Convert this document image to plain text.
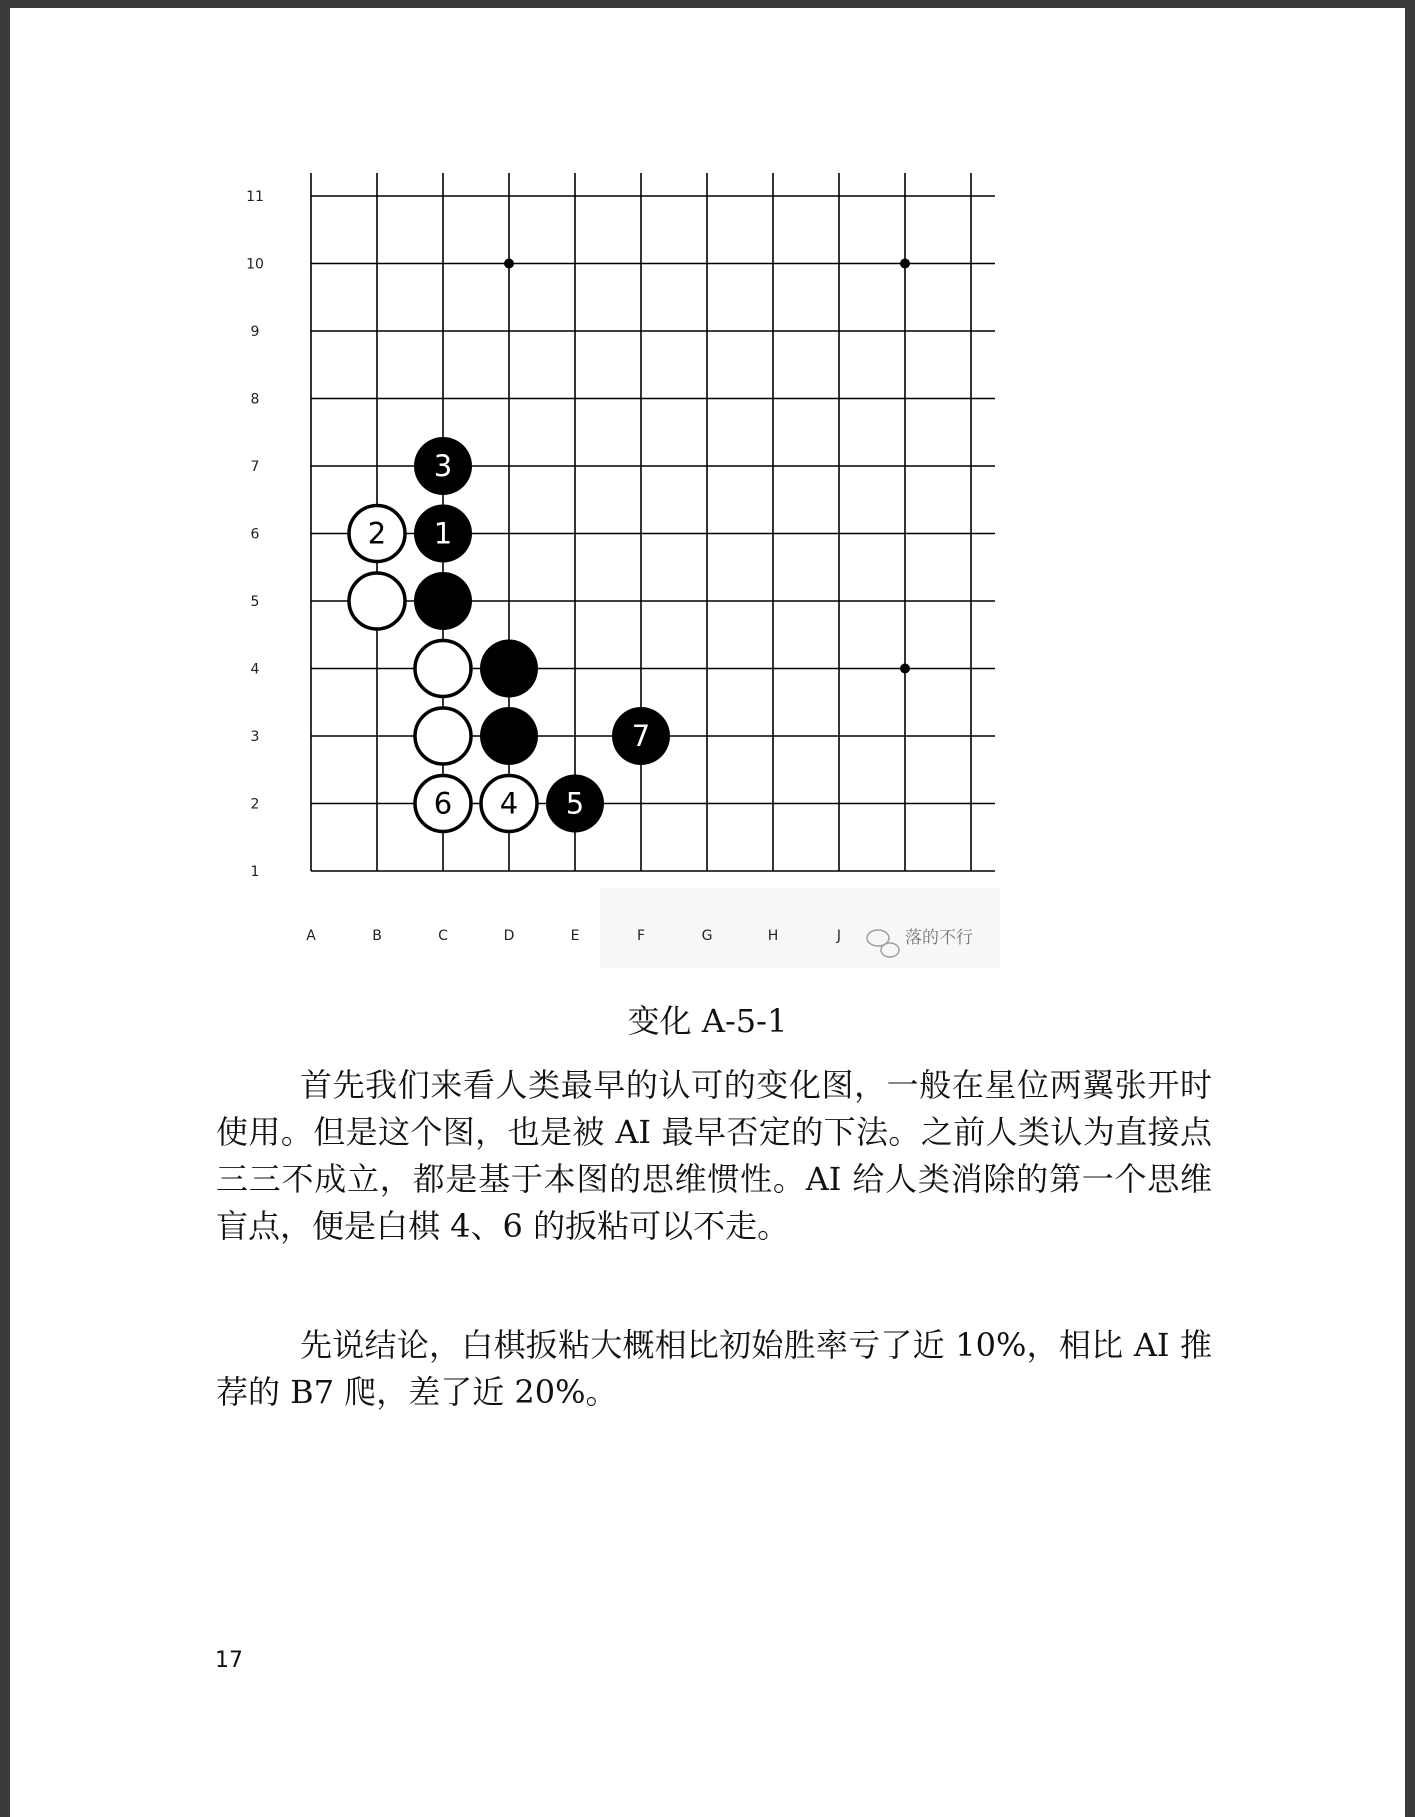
11
10
9
8
7
6
5
4
3
2
1
A	B	C	D	E	F	G	H	J
3
2 1
7
6 4 5
落的不行
变化 A-5-1

首先我们来看人类最早的认可的变化图，一般在星位两翼张开时使用。但是这个图，也是被 AI 最早否定的下法。之前人类认为直接点三三不成立，都是基于本图的思维惯性。AI 给人类消除的第一个思维盲点，便是白棋 4、6 的扳粘可以不走。

先说结论，白棋扳粘大概相比初始胜率亏了近 10%，相比 AI 推荐的 B7 爬，差了近 20%。

17
